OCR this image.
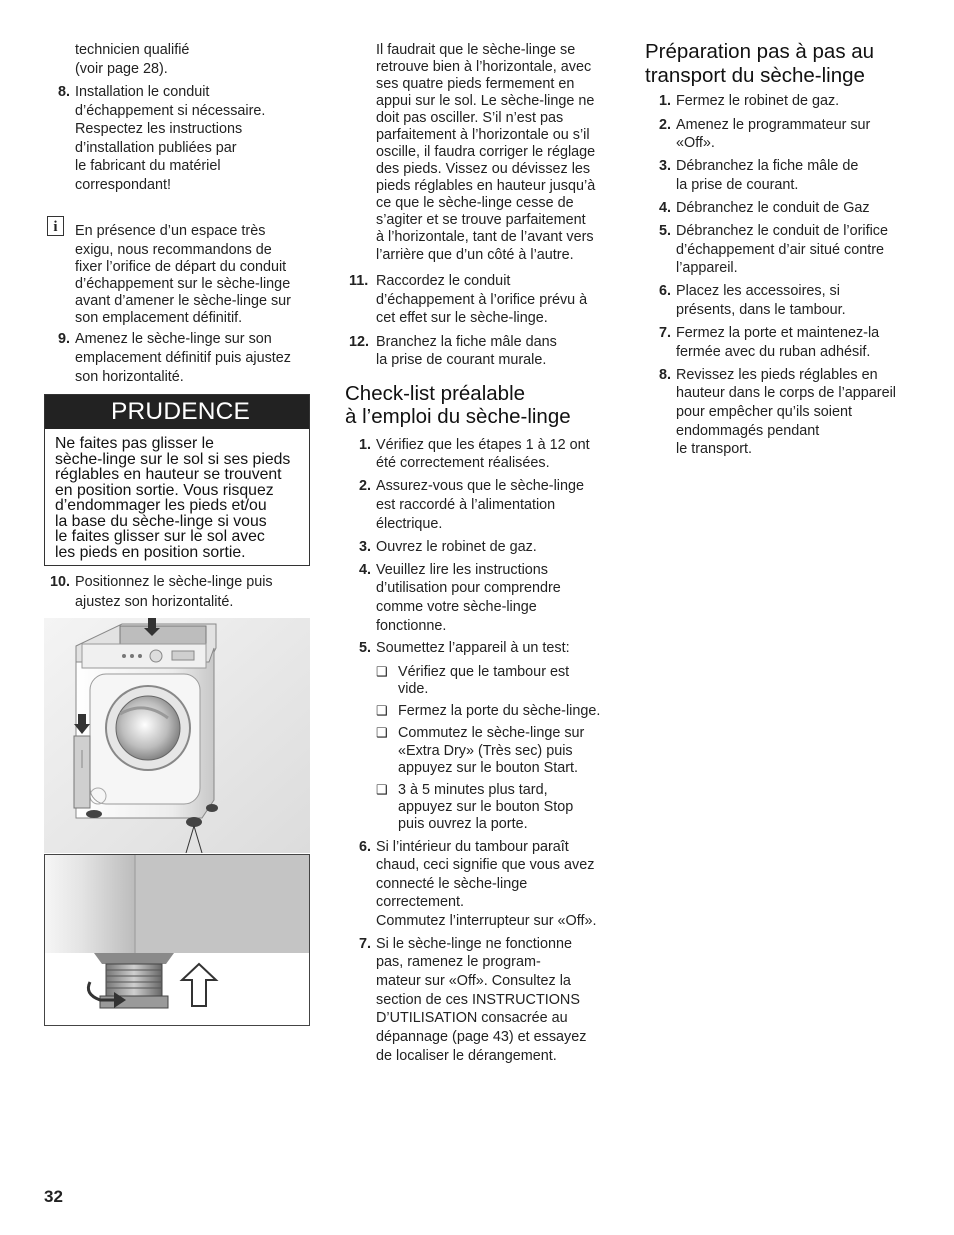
technicien qualifié
(voir page 28).
8. Installation le conduit
d’échappement si nécessaire.
Respectez les instructions
d’installation publiées par
le fabricant du matériel
correspondant!
i	En présence d’un espace très
exigu, nous recommandons de
fixer l’orifice de départ du conduit
d’échappement sur le sèche-linge
avant d’amener le sèche-linge sur
son emplacement définitif.
9. Amenez le sèche-linge sur son
emplacement définitif puis ajustez
son horizontalité.
PRUDENCE
Ne faites pas glisser le
sèche-linge sur le sol si ses pieds
réglables en hauteur se trouvent
en position sortie. Vous risquez
d’endommager les pieds et/ou
la base du sèche-linge si vous
le faites glisser sur le sol avec
les pieds en position sortie.
10. Positionnez le sèche-linge puis
ajustez son horizontalité.
Il faudrait que le sèche-linge se
retrouve bien à l’horizontale, avec
ses quatre pieds fermement en
appui sur le sol. Le sèche-linge ne
doit pas osciller. S’il n’est pas
parfaitement à l’horizontale ou s’il
oscille, il faudra corriger le réglage
des pieds. Vissez ou dévissez les
pieds réglables en hauteur jusqu’à
ce que le sèche-linge cesse de
s’agiter et se trouve parfaitement
à l’horizontale, tant de l’avant vers
l’arrière que d’un côté à l’autre.
11. Raccordez le conduit
d’échappement à l’orifice prévu à
cet effet sur le sèche-linge.
12. Branchez la fiche mâle dans
la prise de courant murale.
Check-list préalable
à l’emploi du sèche-linge
1. Vérifiez que les étapes 1 à 12 ont
été correctement réalisées.
2. Assurez-vous que le sèche-linge
est raccordé à l’alimentation
électrique.
3. Ouvrez le robinet de gaz.
4. Veuillez lire les instructions
d’utilisation pour comprendre
comme votre sèche-linge
fonctionne.
5. Soumettez l’appareil à un test:
❑ Vérifiez que le tambour est
vide.
❑ Fermez la porte du sèche-linge.
❑ Commutez le sèche-linge sur
«Extra Dry» (Très sec) puis
appuyez sur le bouton Start.
❑ 3 à 5 minutes plus tard,
appuyez sur le bouton Stop
puis ouvrez la porte.
6. Si l’intérieur du tambour paraît
chaud, ceci signifie que vous avez
connecté le sèche-linge
correctement.
Commutez l’interrupteur sur «Off».
7. Si le sèche-linge ne fonctionne
pas, ramenez le program-
mateur sur «Off». Consultez la
section de ces INSTRUCTIONS
D’UTILISATION consacrée au
dépannage (page 43) et essayez
de localiser le dérangement.
Préparation pas à pas au
transport du sèche-linge
1. Fermez le robinet de gaz.
2. Amenez le programmateur sur
«Off».
3. Débranchez la fiche mâle de
la prise de courant.
4. Débranchez le conduit de Gaz
5. Débranchez le conduit de l’orifice
d’échappement d’air situé contre
l’appareil.
6. Placez les accessoires, si
présents, dans le tambour.
7. Fermez la porte et maintenez-la
fermée avec du ruban adhésif.
8. Revissez les pieds réglables en
hauteur dans le corps de l’appareil
pour empêcher qu’ils soient
endommagés pendant
le transport.
32
